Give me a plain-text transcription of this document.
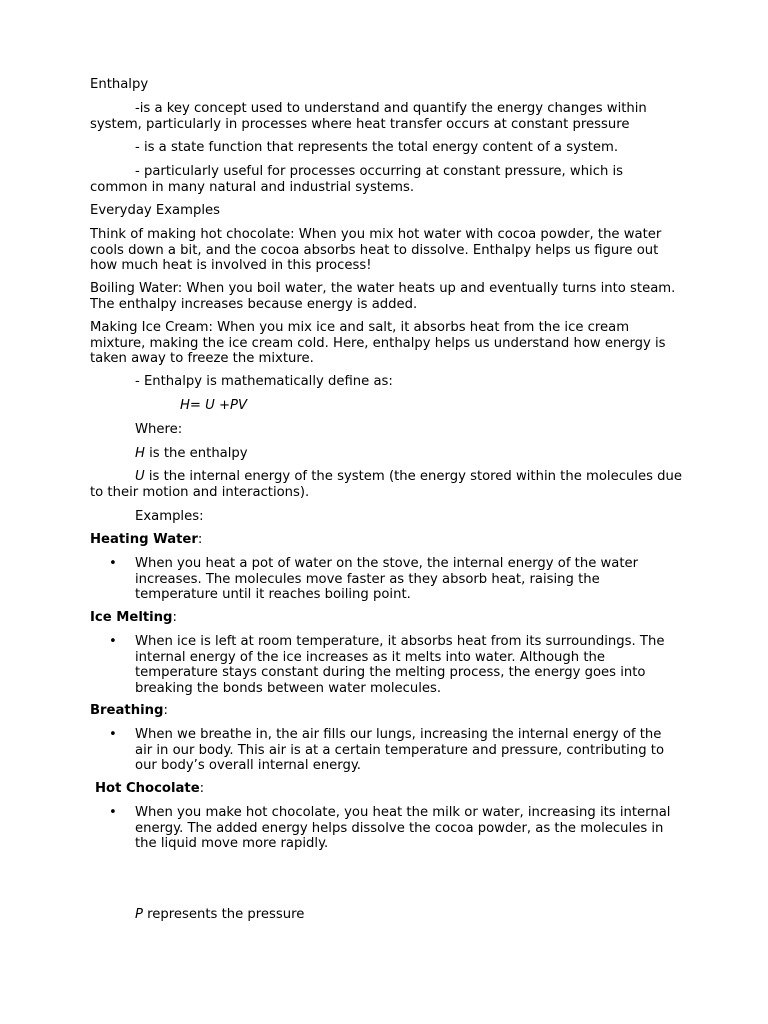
Enthalpy

-is a key concept used to understand and quantify the energy changes within system, particularly in processes where heat transfer occurs at constant pressure

- is a state function that represents the total energy content of a system.

- particularly useful for processes occurring at constant pressure, which is common in many natural and industrial systems.

Everyday Examples

Think of making hot chocolate: When you mix hot water with cocoa powder, the water cools down a bit, and the cocoa absorbs heat to dissolve. Enthalpy helps us figure out how much heat is involved in this process!

Boiling Water: When you boil water, the water heats up and eventually turns into steam. The enthalpy increases because energy is added.

Making Ice Cream: When you mix ice and salt, it absorbs heat from the ice cream mixture, making the ice cream cold. Here, enthalpy helps us understand how energy is taken away to freeze the mixture.

- Enthalpy is mathematically define as:

H= U +PV

Where:

H is the enthalpy

U is the internal energy of the system (the energy stored within the molecules due to their motion and interactions).

Examples:

Heating Water:

• When you heat a pot of water on the stove, the internal energy of the water increases. The molecules move faster as they absorb heat, raising the temperature until it reaches boiling point.

Ice Melting:

• When ice is left at room temperature, it absorbs heat from its surroundings. The internal energy of the ice increases as it melts into water. Although the temperature stays constant during the melting process, the energy goes into breaking the bonds between water molecules.

Breathing:

• When we breathe in, the air fills our lungs, increasing the internal energy of the air in our body. This air is at a certain temperature and pressure, contributing to our body’s overall internal energy.

Hot Chocolate:

• When you make hot chocolate, you heat the milk or water, increasing its internal energy. The added energy helps dissolve the cocoa powder, as the molecules in the liquid move more rapidly.

P represents the pressure
